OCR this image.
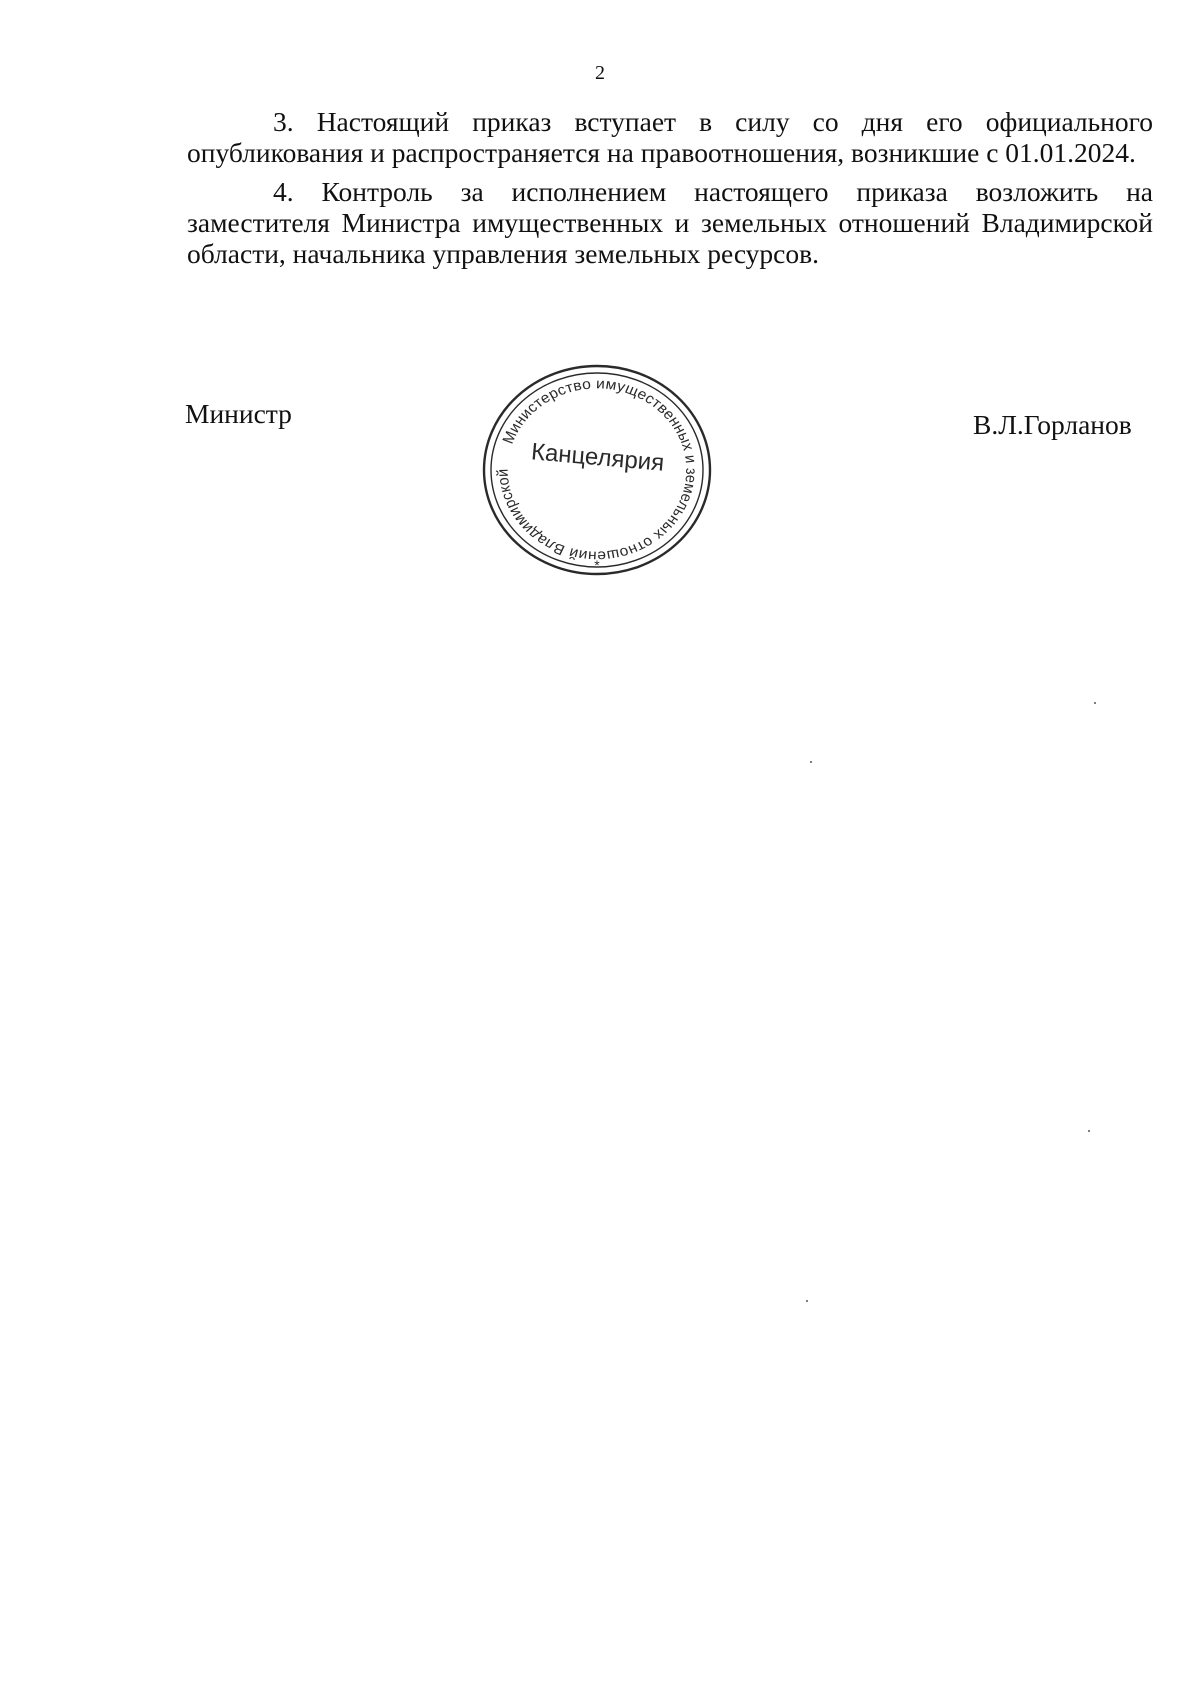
2

3. Настоящий приказ вступает в силу со дня его официального опубликования и распространяется на правоотношения, возникшие с 01.01.2024.

4. Контроль за исполнением настоящего приказа возложить на заместителя Министра имущественных и земельных отношений Владимирской области, начальника управления земельных ресурсов.

Министр
Министерство имущественных и земельных отношений Владимирской
*
Канцелярия
В.Л.Горланов
